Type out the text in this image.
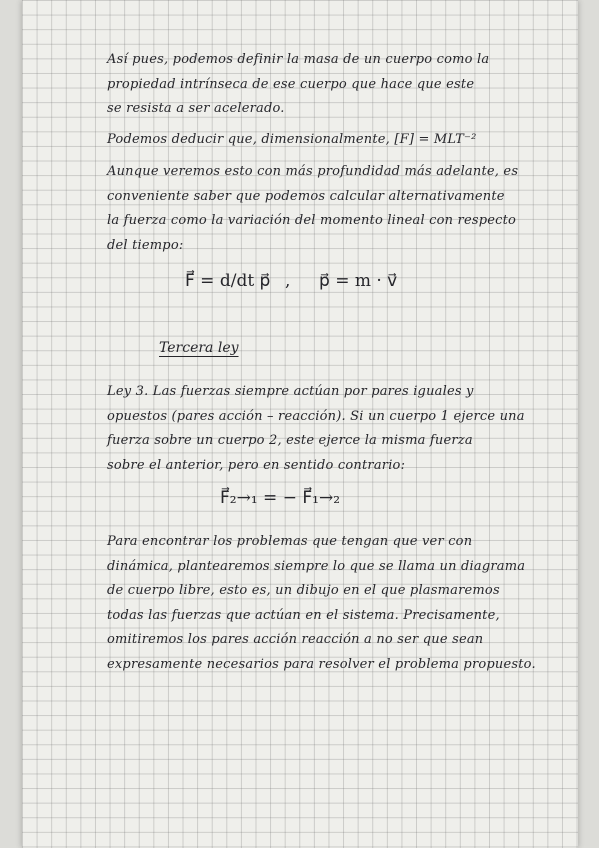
Así pues, podemos definir la masa de un cuerpo como la
propiedad intrínseca de ese cuerpo que hace que este
se resista a ser acelerado.
Podemos deducir que, dimensionalmente, [F] = MLT⁻²
Aunque veremos esto con más profundidad más adelante, es
conveniente saber que podemos calcular alternativamente
la fuerza como la variación del momento lineal con respecto
del tiempo:
F⃗ = d/dt p⃗ , p⃗ = m · v⃗
Tercera ley
Ley 3. Las fuerzas siempre actúan por pares iguales y
opuestos (pares acción – reacción). Si un cuerpo 1 ejerce una
fuerza sobre un cuerpo 2, este ejerce la misma fuerza
sobre el anterior, pero en sentido contrario:
F⃗₂→₁ = − F⃗₁→₂
Para encontrar los problemas que tengan que ver con
dinámica, plantearemos siempre lo que se llama un diagrama
de cuerpo libre, esto es, un dibujo en el que plasmaremos
todas las fuerzas que actúan en el sistema. Precisamente,
omitiremos los pares acción reacción a no ser que sean
expresamente necesarios para resolver el problema propuesto.
